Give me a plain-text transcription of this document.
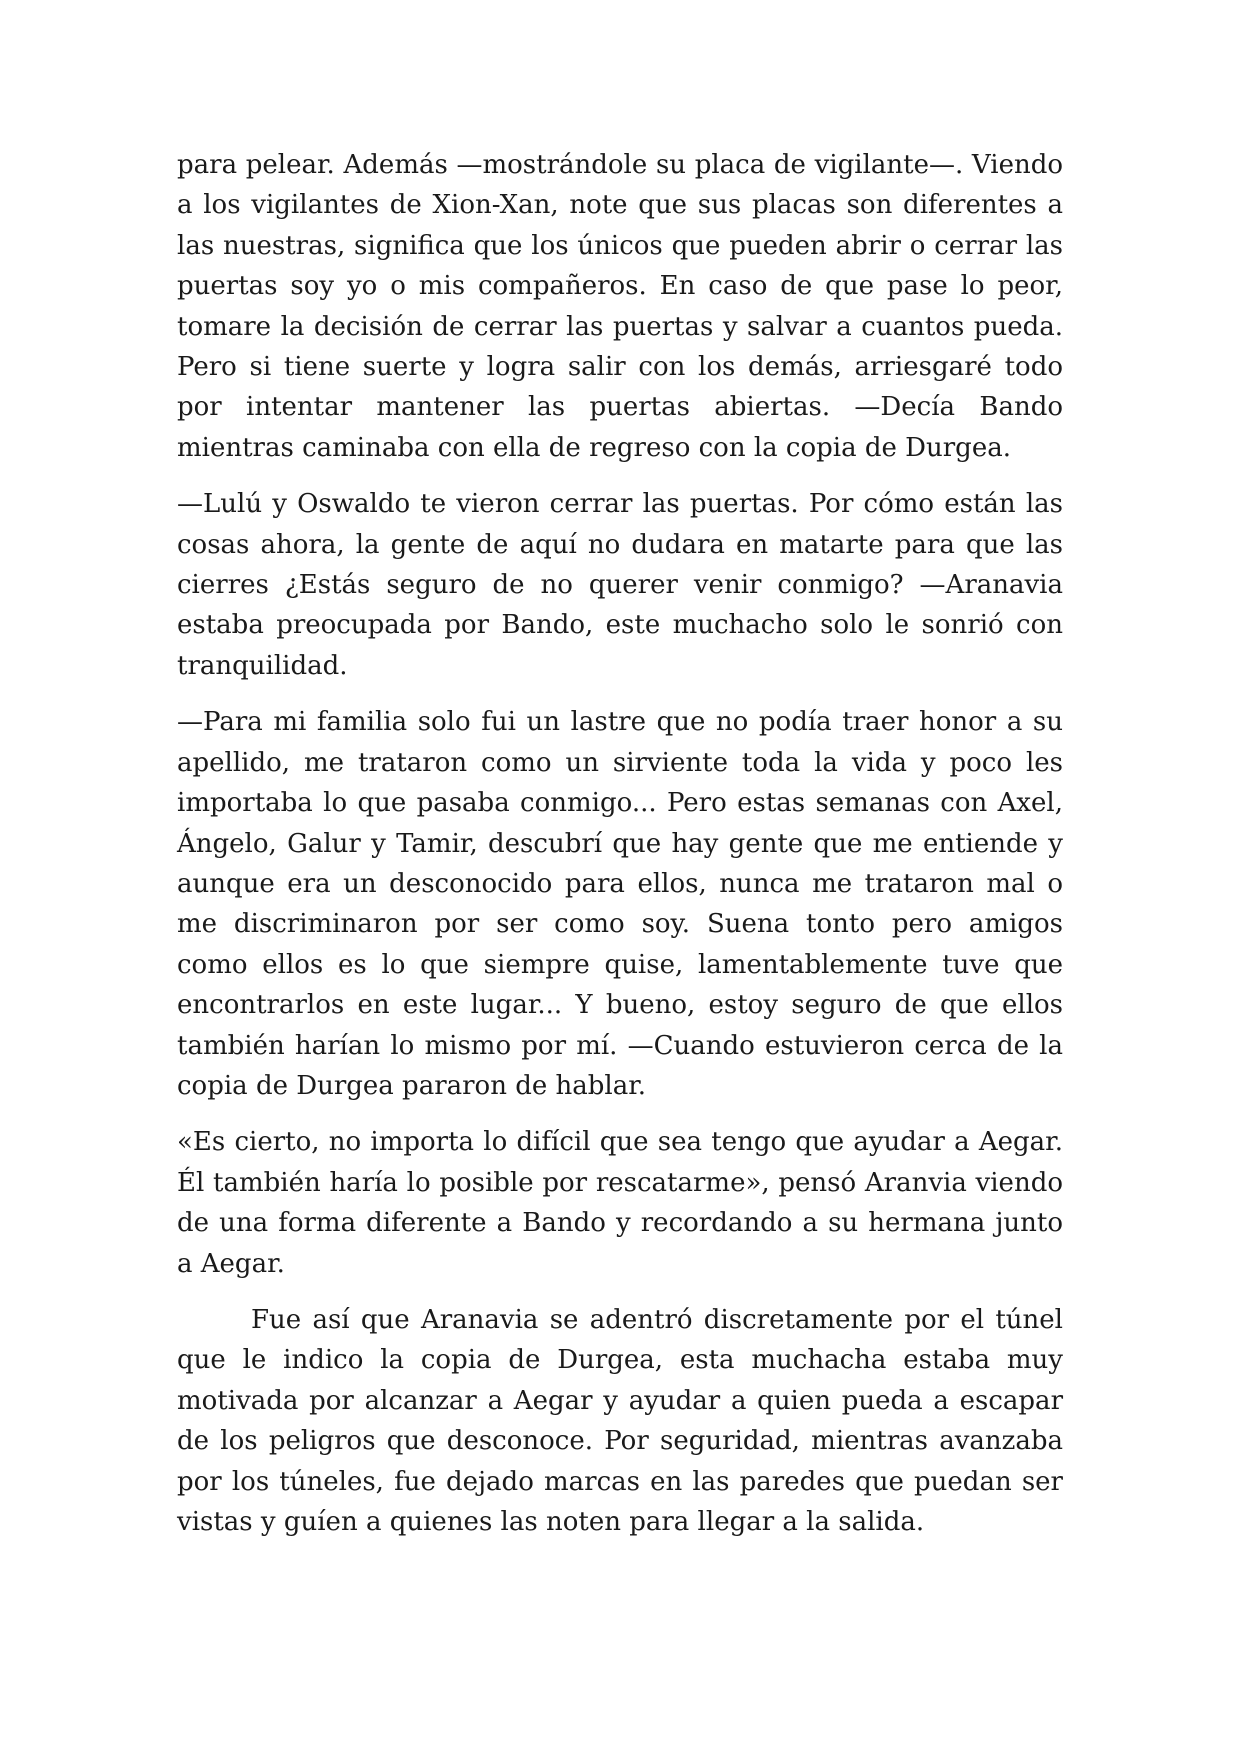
para pelear. Además —mostrándole su placa de vigilante—. Viendo a los vigilantes de Xion-Xan, note que sus placas son diferentes a las nuestras, significa que los únicos que pueden abrir o cerrar las puertas soy yo o mis compañeros. En caso de que pase lo peor, tomare la decisión de cerrar las puertas y salvar a cuantos pueda. Pero si tiene suerte y logra salir con los demás, arriesgaré todo por intentar mantener las puertas abiertas. —Decía Bando mientras caminaba con ella de regreso con la copia de Durgea.

—Lulú y Oswaldo te vieron cerrar las puertas. Por cómo están las cosas ahora, la gente de aquí no dudara en matarte para que las cierres ¿Estás seguro de no querer venir conmigo? —Aranavia estaba preocupada por Bando, este muchacho solo le sonrió con tranquilidad.

—Para mi familia solo fui un lastre que no podía traer honor a su apellido, me trataron como un sirviente toda la vida y poco les importaba lo que pasaba conmigo... Pero estas semanas con Axel, Ángelo, Galur y Tamir, descubrí que hay gente que me entiende y aunque era un desconocido para ellos, nunca me trataron mal o me discriminaron por ser como soy. Suena tonto pero amigos como ellos es lo que siempre quise, lamentablemente tuve que encontrarlos en este lugar... Y bueno, estoy seguro de que ellos también harían lo mismo por mí. —Cuando estuvieron cerca de la copia de Durgea pararon de hablar.

«Es cierto, no importa lo difícil que sea tengo que ayudar a Aegar. Él también haría lo posible por rescatarme», pensó Aranvia viendo de una forma diferente a Bando y recordando a su hermana junto a Aegar.

Fue así que Aranavia se adentró discretamente por el túnel que le indico la copia de Durgea, esta muchacha estaba muy motivada por alcanzar a Aegar y ayudar a quien pueda a escapar de los peligros que desconoce. Por seguridad, mientras avanzaba por los túneles, fue dejado marcas en las paredes que puedan ser vistas y guíen a quienes las noten para llegar a la salida.
